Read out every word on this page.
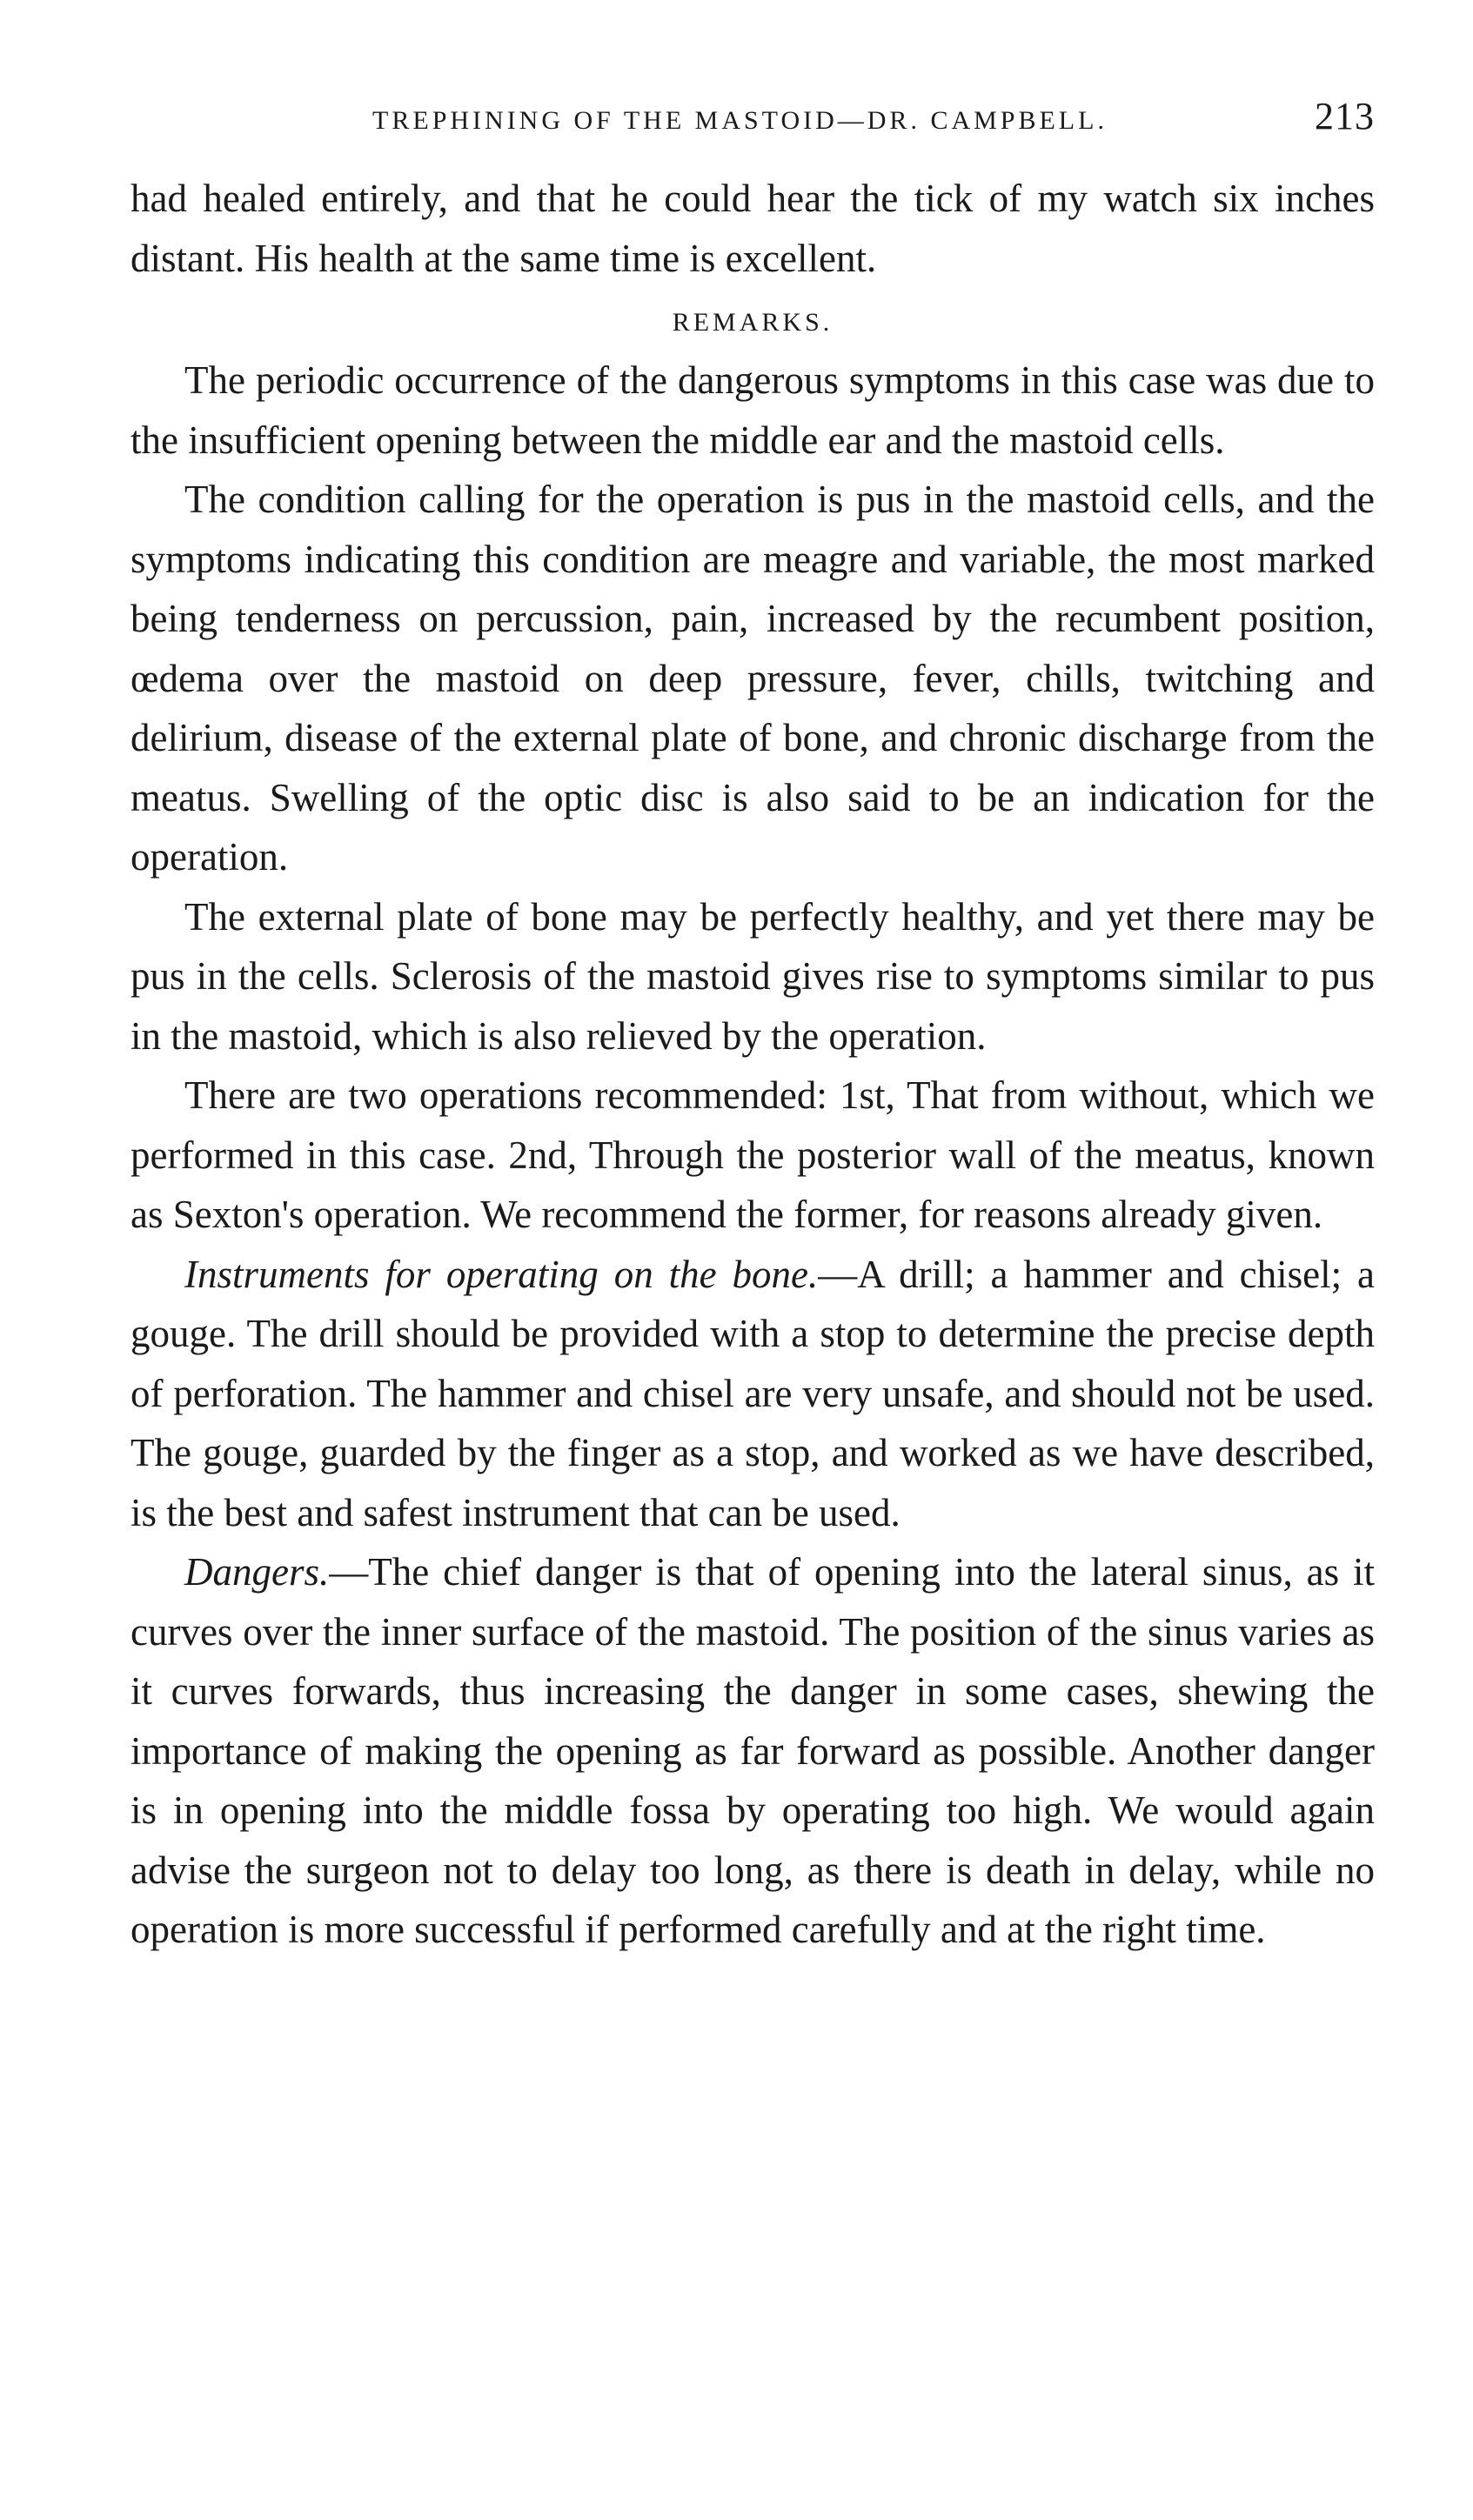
TREPHINING OF THE MASTOID—DR. CAMPBELL.	213

had healed entirely, and that he could hear the tick of my watch six inches distant. His health at the same time is excellent.

REMARKS.

The periodic occurrence of the dangerous symptoms in this case was due to the insufficient opening between the middle ear and the mastoid cells.

The condition calling for the operation is pus in the mastoid cells, and the symptoms indicating this condition are meagre and variable, the most marked being tenderness on percussion, pain, increased by the recumbent position, œdema over the mastoid on deep pressure, fever, chills, twitching and delirium, disease of the external plate of bone, and chronic discharge from the meatus. Swelling of the optic disc is also said to be an indication for the operation.

The external plate of bone may be perfectly healthy, and yet there may be pus in the cells. Sclerosis of the mastoid gives rise to symptoms similar to pus in the mastoid, which is also relieved by the operation.

There are two operations recommended: 1st, That from without, which we performed in this case. 2nd, Through the posterior wall of the meatus, known as Sexton's operation. We recommend the former, for reasons already given.

Instruments for operating on the bone.—A drill; a hammer and chisel; a gouge. The drill should be provided with a stop to determine the precise depth of perforation. The hammer and chisel are very unsafe, and should not be used. The gouge, guarded by the finger as a stop, and worked as we have described, is the best and safest instrument that can be used.

Dangers.—The chief danger is that of opening into the lateral sinus, as it curves over the inner surface of the mastoid. The position of the sinus varies as it curves forwards, thus increasing the danger in some cases, shewing the importance of making the opening as far forward as possible. Another danger is in opening into the middle fossa by operating too high. We would again advise the surgeon not to delay too long, as there is death in delay, while no operation is more successful if performed carefully and at the right time.
